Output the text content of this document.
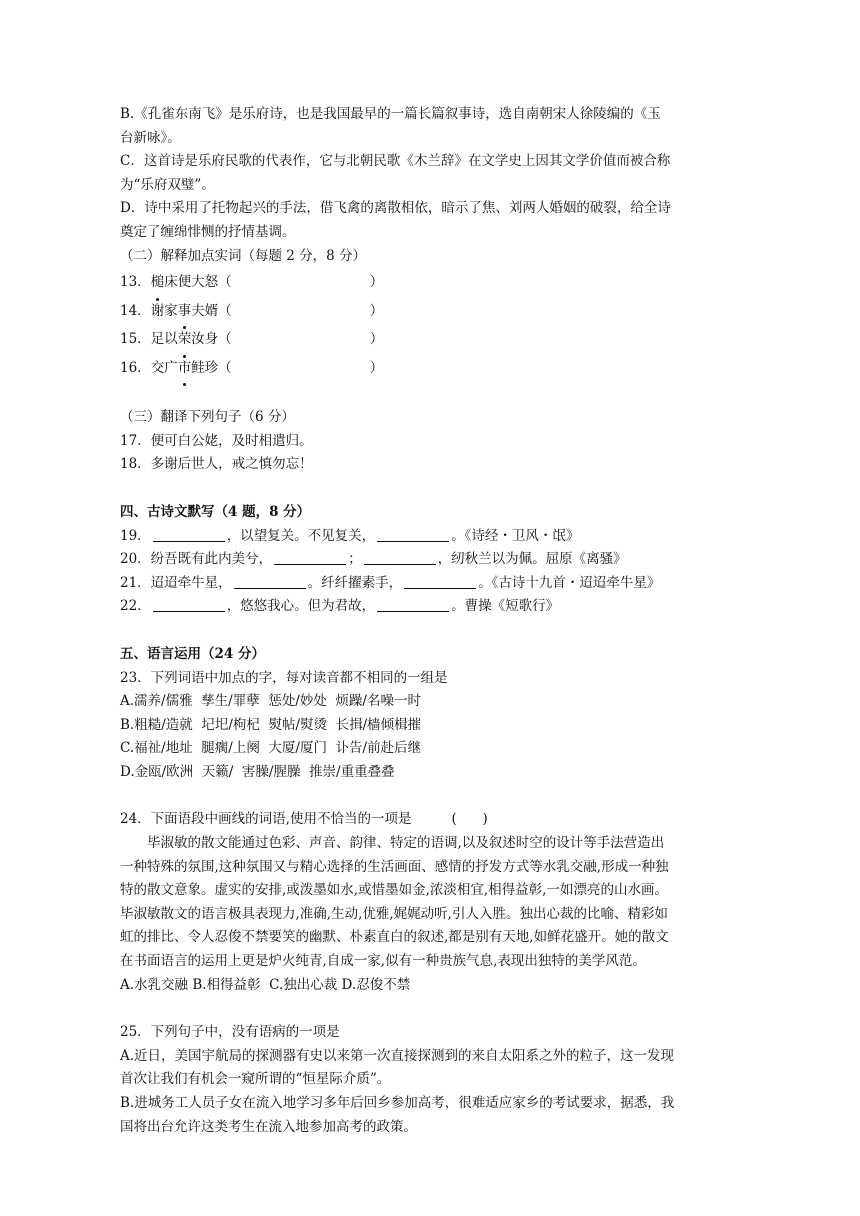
B.《孔雀东南飞》是乐府诗，也是我国最早的一篇长篇叙事诗，选自南朝宋人徐陵编的《玉

台新咏》。

C．这首诗是乐府民歌的代表作，它与北朝民歌《木兰辞》在文学史上因其文学价值而被合称

为“乐府双璧”。

D．诗中采用了托物起兴的手法，借飞禽的离散相依，暗示了焦、刘两人婚姻的破裂，给全诗

奠定了缠绵悱恻的抒情基调。

（二）解释加点实词（每题 2 分，8 分）

13．槌床便大怒（	）

14．谢家事夫婿（	）

15．足以荣汝身（	）

16．交广市鲑珍（	）

（三）翻译下列句子（6 分）

17．便可白公姥，及时相遣归。

18．多谢后世人，戒之慎勿忘！

四、古诗文默写（4 题，8 分）

19．	，以望复关。不见复关，	。《诗经・卫风・氓》

20．纷吾既有此内美兮，	；	，纫秋兰以为佩。屈原《离骚》

21．迢迢牵牛星，	。纤纤擢素手，	。《古诗十九首・迢迢牵牛星》

22．	，悠悠我心。但为君故，	。曹操《短歌行》

五、语言运用（24 分）

23．下列词语中加点的字，每对读音都不相同的一组是

A.濡养/儒雅  孳生/罪孽  惩处/妙处  烦躁/名噪一时

B.粗糙/造就  圮圯/枸杞  熨帖/熨烫  长揖/樯倾楫摧

C.福祉/地址  腿瘸/上阕  大厦/厦门  讣告/前赴后继

D.金瓯/欧洲  天籁/  害臊/腥臊  推崇/重重叠叠

24．下面语段中画线的词语,使用不恰当的一项是	(      )

毕淑敏的散文能通过色彩、声音、韵律、特定的语调,以及叙述时空的设计等手法营造出

一种特殊的氛围,这种氛围又与精心选择的生活画面、感情的抒发方式等水乳交融,形成一种独

特的散文意象。虚实的安排,或泼墨如水,或惜墨如金,浓淡相宜,相得益彰,一如漂亮的山水画。

毕淑敏散文的语言极具表现力,准确,生动,优雅,娓娓动听,引人入胜。独出心裁的比喻、精彩如

虹的排比、令人忍俊不禁要笑的幽默、朴素直白的叙述,都是别有天地,如鲜花盛开。她的散文

在书面语言的运用上更是炉火纯青,自成一家,似有一种贵族气息,表现出独特的美学风范。

A.水乳交融 B.相得益彰  C.独出心裁 D.忍俊不禁

25．下列句子中，没有语病的一项是

A.近日，美国宇航局的探测器有史以来第一次直接探测到的来自太阳系之外的粒子，这一发现

首次让我们有机会一窥所谓的“恒星际介质”。

B.进城务工人员子女在流入地学习多年后回乡参加高考，很难适应家乡的考试要求，据悉，我

国将出台允许这类考生在流入地参加高考的政策。
